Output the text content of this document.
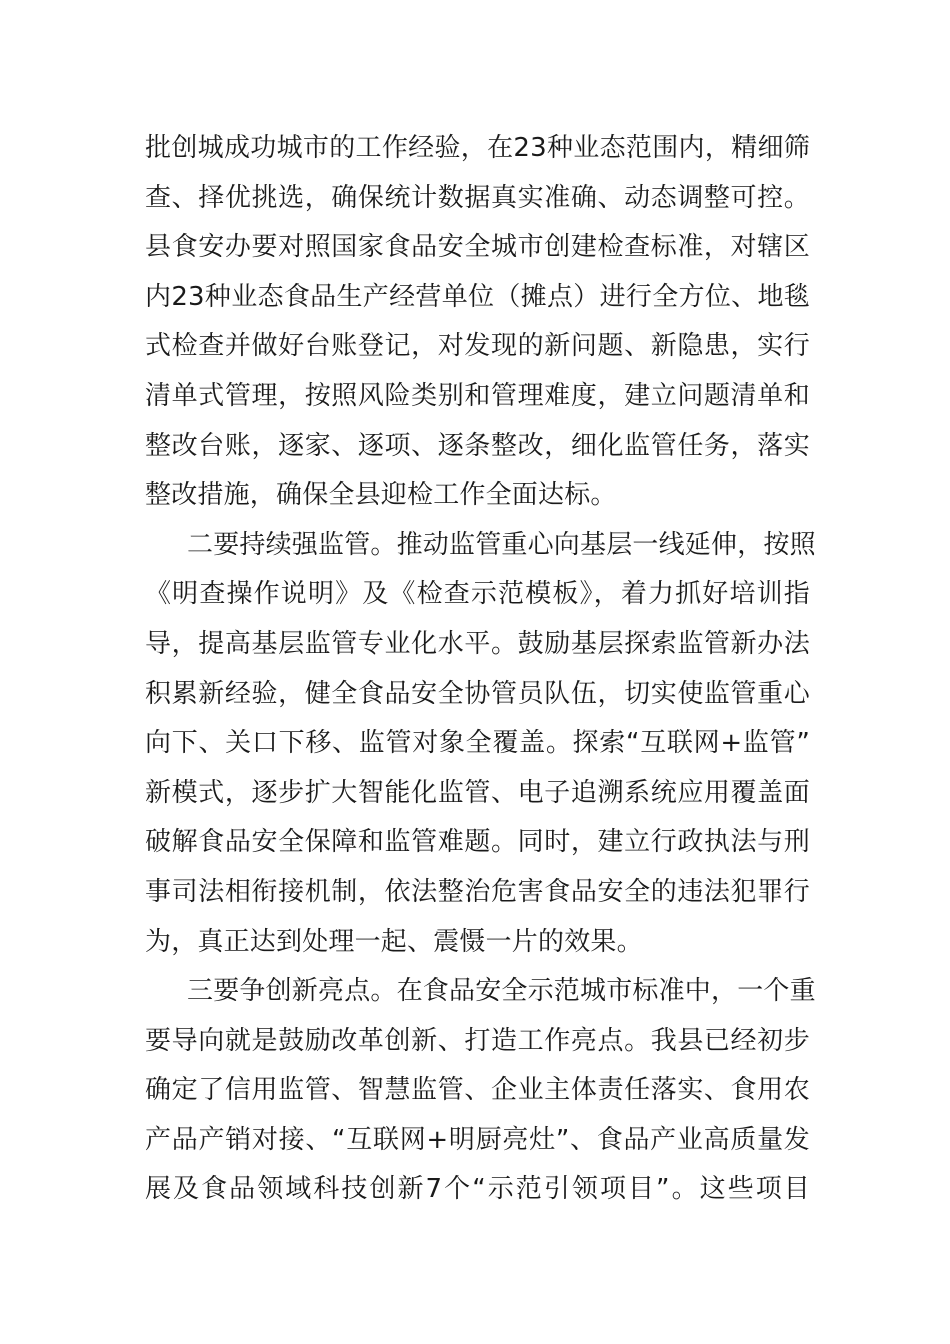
批创城成功城市的工作经验，在23种业态范围内，精细筛
查、择优挑选，确保统计数据真实准确、动态调整可控。
县食安办要对照国家食品安全城市创建检查标准，对辖区
内23种业态食品生产经营单位（摊点）进行全方位、地毯
式检查并做好台账登记，对发现的新问题、新隐患，实行
清单式管理，按照风险类别和管理难度，建立问题清单和
整改台账，逐家、逐项、逐条整改，细化监管任务，落实
整改措施，确保全县迎检工作全面达标。
二要持续强监管。推动监管重心向基层一线延伸，按照
《明查操作说明》及《检查示范模板》，着力抓好培训指
导，提高基层监管专业化水平。鼓励基层探索监管新办法
积累新经验，健全食品安全协管员队伍，切实使监管重心
向下、关口下移、监管对象全覆盖。探索“互联网+监管”
新模式，逐步扩大智能化监管、电子追溯系统应用覆盖面
破解食品安全保障和监管难题。同时，建立行政执法与刑
事司法相衔接机制，依法整治危害食品安全的违法犯罪行
为，真正达到处理一起、震慑一片的效果。
三要争创新亮点。在食品安全示范城市标准中，一个重
要导向就是鼓励改革创新、打造工作亮点。我县已经初步
确定了信用监管、智慧监管、企业主体责任落实、食用农
产品产销对接、“互联网+明厨亮灶”、食品产业高质量发
展及食品领域科技创新7个“示范引领项目”。这些项目
